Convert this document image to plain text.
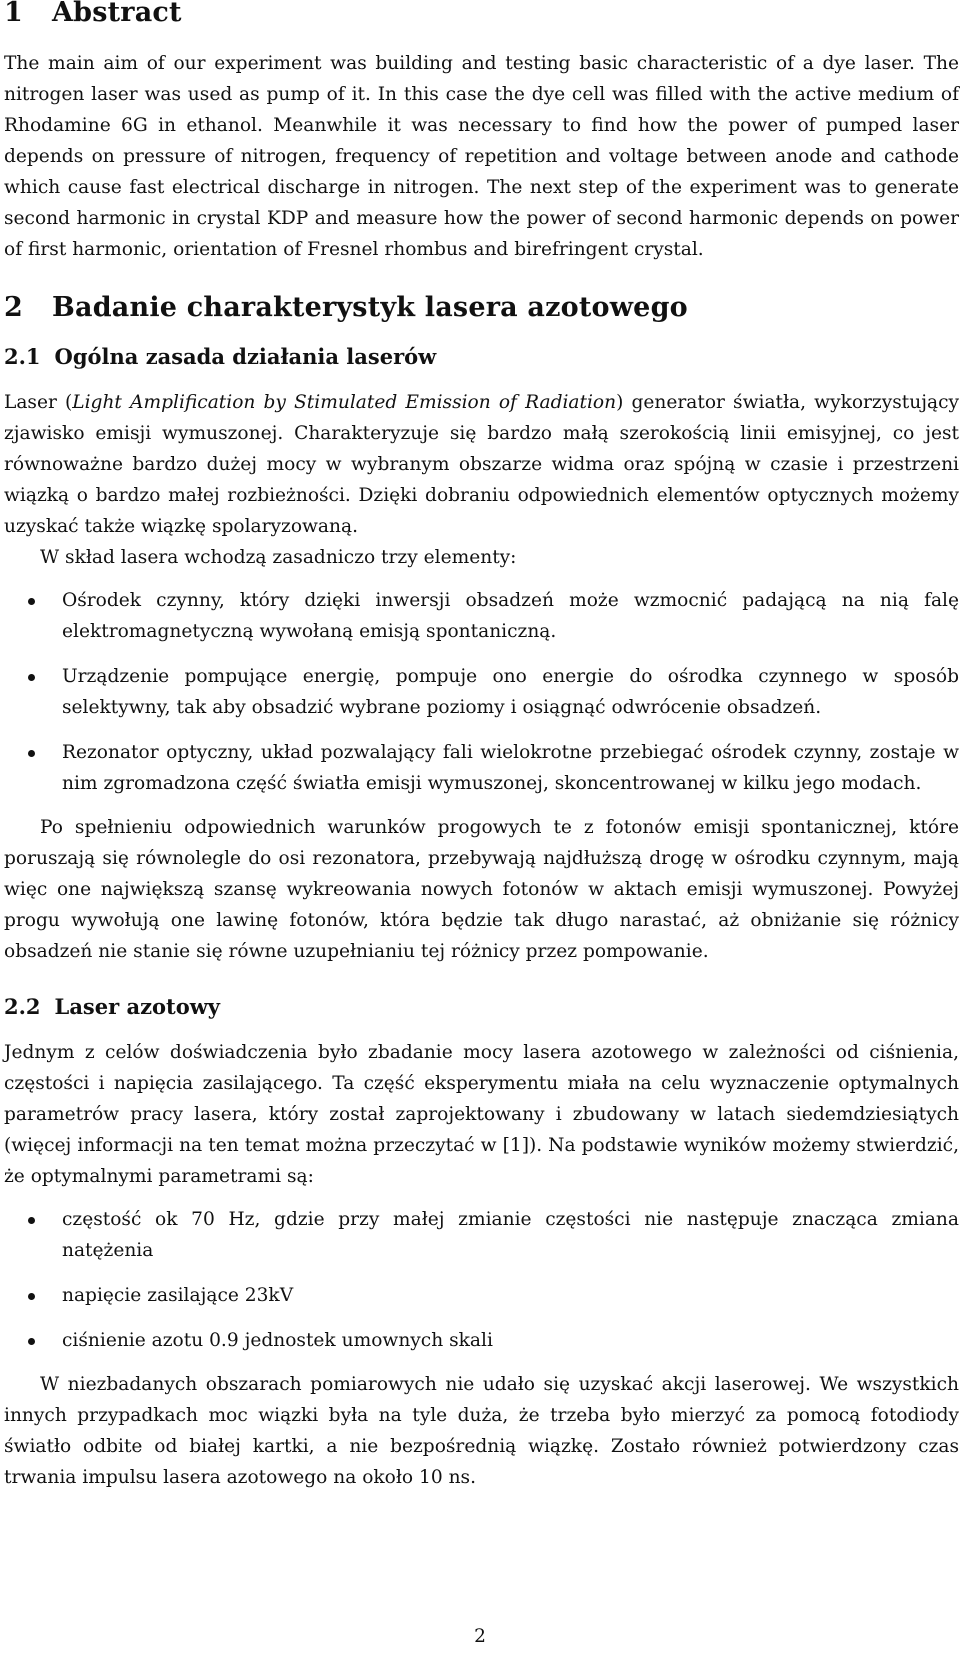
1 Abstract

The main aim of our experiment was building and testing basic characteristic of a dye laser. The nitrogen laser was used as pump of it. In this case the dye cell was filled with the active medium of Rhodamine 6G in ethanol. Meanwhile it was necessary to find how the power of pumped laser depends on pressure of nitrogen, frequency of repetition and voltage between anode and cathode which cause fast electrical discharge in nitrogen. The next step of the experiment was to generate second harmonic in crystal KDP and measure how the power of second harmonic depends on power of first harmonic, orientation of Fresnel rhombus and birefringent crystal.

2 Badanie charakterystyk lasera azotowego
2.1 Ogólna zasada działania laserów

Laser (Light Amplification by Stimulated Emission of Radiation) generator światła, wykorzystujący zjawisko emisji wymuszonej. Charakteryzuje się bardzo małą szerokością linii emisyjnej, co jest równoważne bardzo dużej mocy w wybranym obszarze widma oraz spójną w czasie i przestrzeni wiązką o bardzo małej rozbieżności. Dzięki dobraniu odpowiednich elementów optycznych możemy uzyskać także wiązkę spolaryzowaną.

W skład lasera wchodzą zasadniczo trzy elementy:

Ośrodek czynny, który dzięki inwersji obsadzeń może wzmocnić padającą na nią falę elektromagnetyczną wywołaną emisją spontaniczną.
Urządzenie pompujące energię, pompuje ono energie do ośrodka czynnego w sposób selektywny, tak aby obsadzić wybrane poziomy i osiągnąć odwrócenie obsadzeń.
Rezonator optyczny, układ pozwalający fali wielokrotne przebiegać ośrodek czynny, zostaje w nim zgromadzona część światła emisji wymuszonej, skoncentrowanej w kilku jego modach.

Po spełnieniu odpowiednich warunków progowych te z fotonów emisji spontanicznej, które poruszają się równolegle do osi rezonatora, przebywają najdłuższą drogę w ośrodku czynnym, mają więc one największą szansę wykreowania nowych fotonów w aktach emisji wymuszonej. Powyżej progu wywołują one lawinę fotonów, która będzie tak długo narastać, aż obniżanie się różnicy obsadzeń nie stanie się równe uzupełnianiu tej różnicy przez pompowanie.

2.2 Laser azotowy

Jednym z celów doświadczenia było zbadanie mocy lasera azotowego w zależności od ciśnienia, częstości i napięcia zasilającego. Ta część eksperymentu miała na celu wyznaczenie optymalnych parametrów pracy lasera, który został zaprojektowany i zbudowany w latach siedemdziesiątych (więcej informacji na ten temat można przeczytać w [1]). Na podstawie wyników możemy stwierdzić, że optymalnymi parametrami są:

częstość ok 70 Hz, gdzie przy małej zmianie częstości nie następuje znacząca zmiana natężenia
napięcie zasilające 23kV
ciśnienie azotu 0.9 jednostek umownych skali

W niezbadanych obszarach pomiarowych nie udało się uzyskać akcji laserowej. We wszystkich innych przypadkach moc wiązki była na tyle duża, że trzeba było mierzyć za pomocą fotodiody światło odbite od białej kartki, a nie bezpośrednią wiązkę. Zostało również potwierdzony czas trwania impulsu lasera azotowego na około 10 ns.

2
